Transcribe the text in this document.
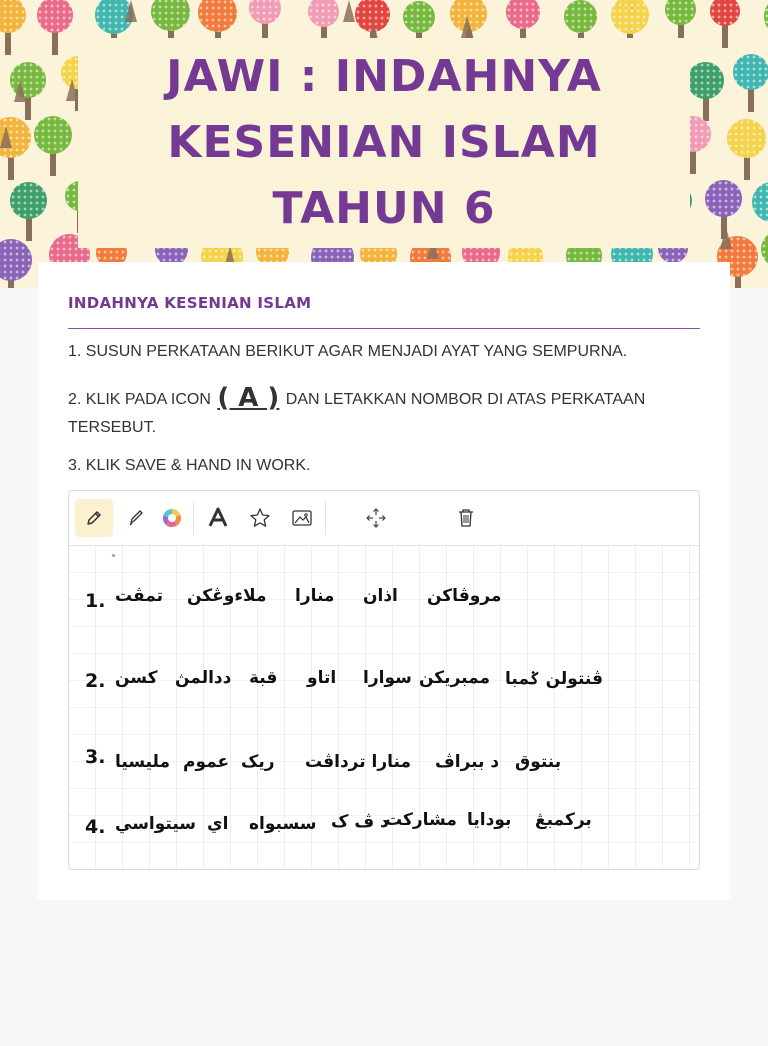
JAWI : INDAHNYA
KESENIAN ISLAM
TAHUN 6
INDAHNYA KESENIAN ISLAM
1. SUSUN PERKATAAN BERIKUT AGAR MENJADI AYAT YANG SEMPURNA.
2. KLIK PADA ICON ( A ) DAN LETAKKAN NOMBOR DI ATAS PERKATAAN TERSEBUT.
3. KLIK SAVE & HAND IN WORK.
1. تمڤت ملاءوڠكن منارا اذان مروڤاكن
2. كسن ددالمڽ قبة اتاو سوارا ممبريكن ڤنتولن ݢمبا
3. مليسيا عموم ريک منارا ترداڤت د ببراڤ بنتوق
4. سيتواسي اي سسبواه د ڤ ک
مشاركت بودايا بركمبڠ
